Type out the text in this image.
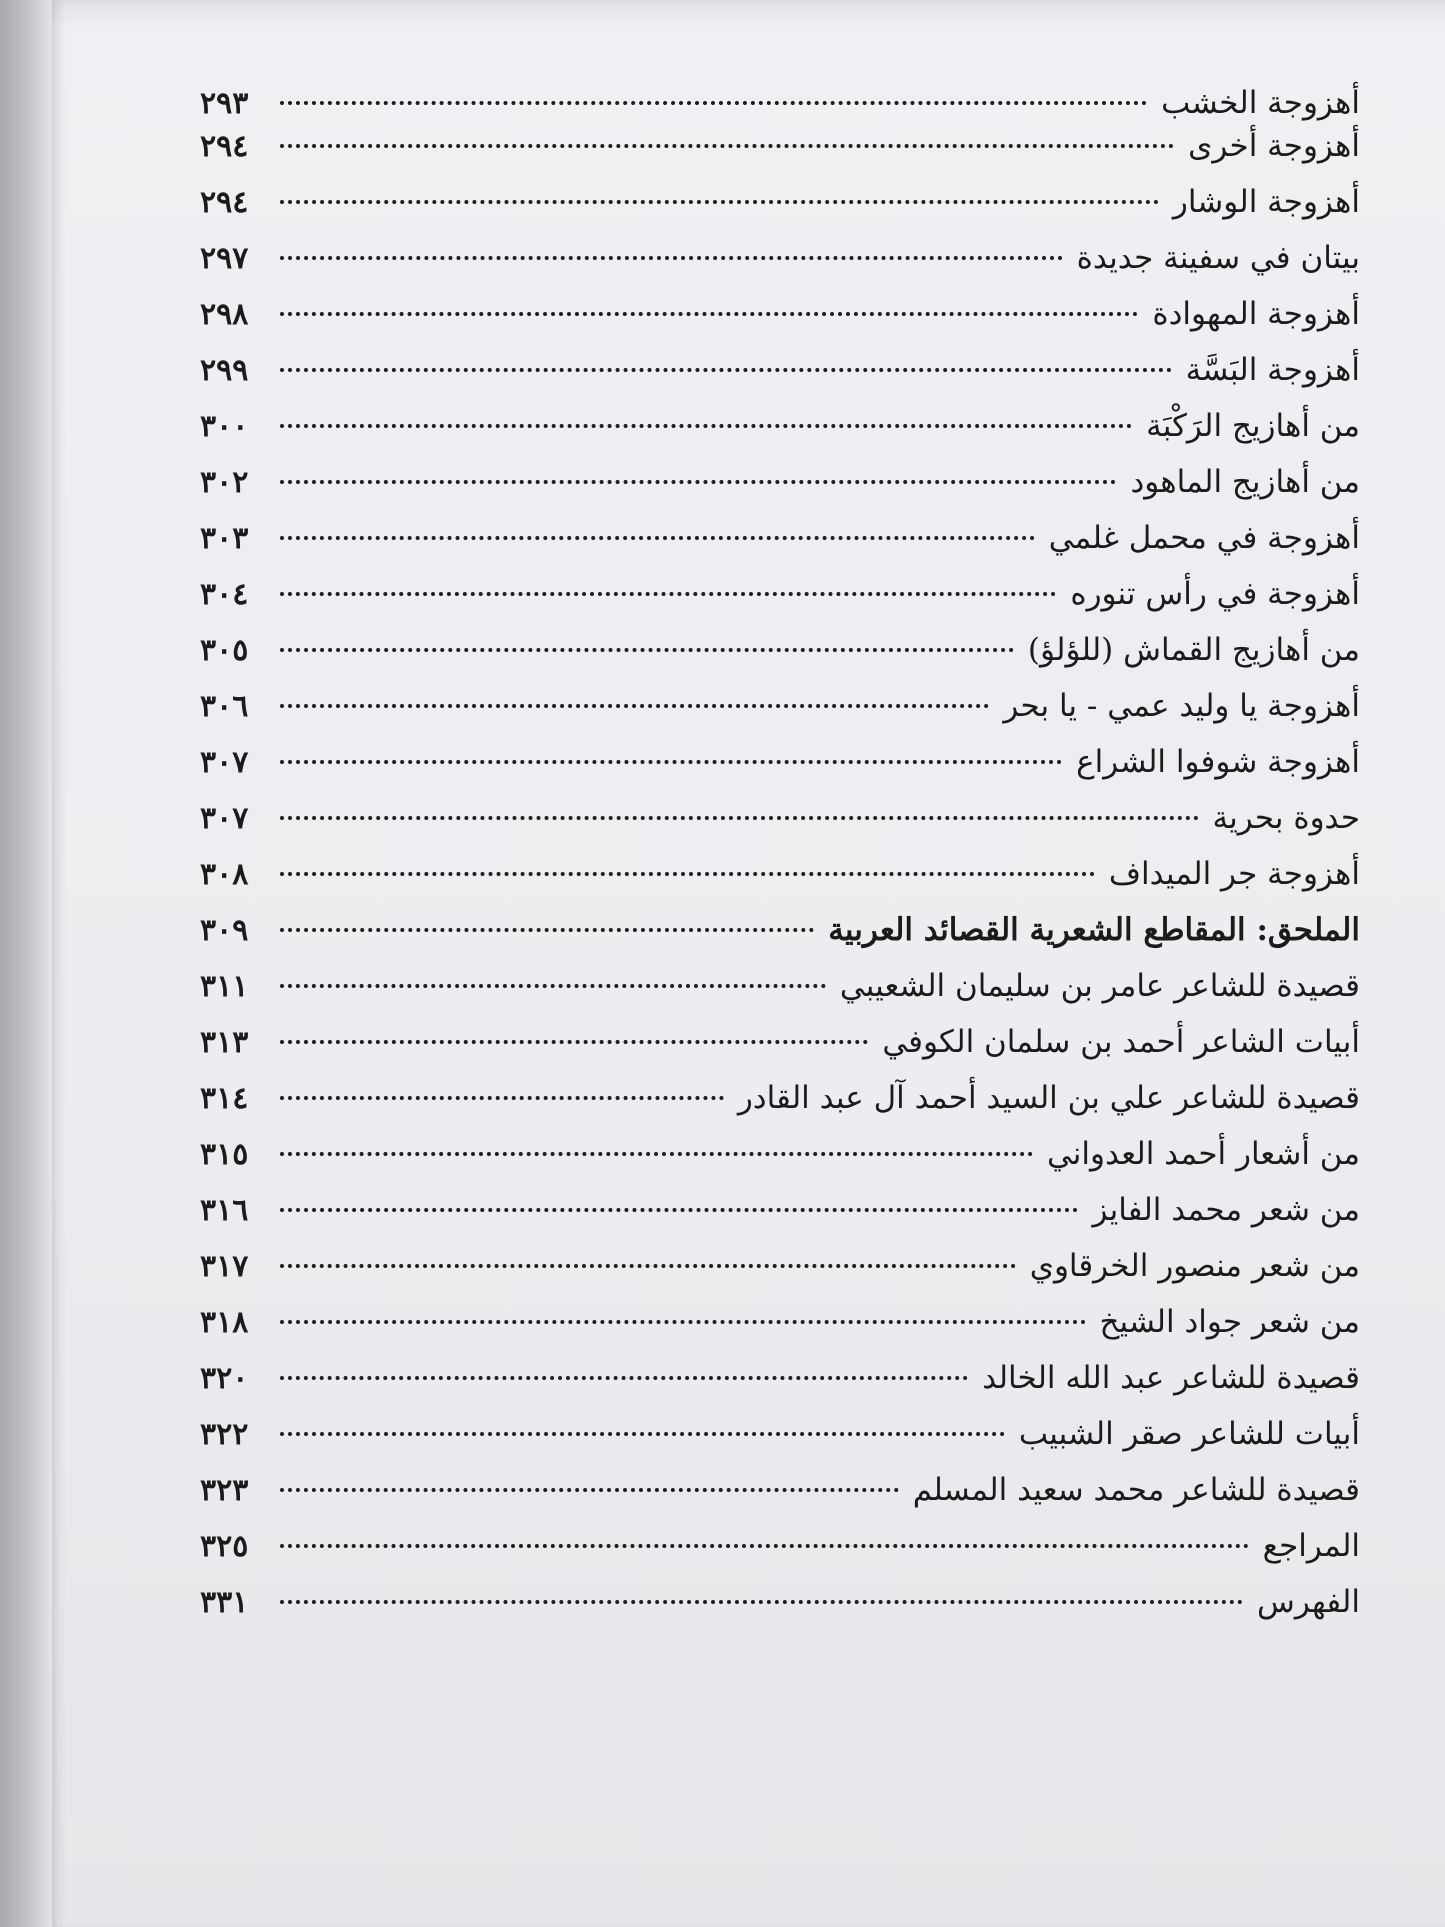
أهزوجة الخشب
٢٩٣
أهزوجة أخرى
٢٩٤
أهزوجة الوشار
٢٩٤
بيتان في سفينة جديدة
٢٩٧
أهزوجة المهوادة
٢٩٨
أهزوجة البَسَّة
٢٩٩
من أهازيج الرَكْبَة
٣٠٠
من أهازيج الماهود
٣٠٢
أهزوجة في محمل غلمي
٣٠٣
أهزوجة في رأس تنوره
٣٠٤
من أهازيج القماش (للؤلؤ)
٣٠٥
أهزوجة يا وليد عمي - يا بحر
٣٠٦
أهزوجة شوفوا الشراع
٣٠٧
حدوة بحرية
٣٠٧
أهزوجة جر الميداف
٣٠٨
الملحق: المقاطع الشعرية القصائد العربية
٣٠٩
قصيدة للشاعر عامر بن سليمان الشعيبي
٣١١
أبيات الشاعر أحمد بن سلمان الكوفي
٣١٣
قصيدة للشاعر علي بن السيد أحمد آل عبد القادر
٣١٤
من أشعار أحمد العدواني
٣١٥
من شعر محمد الفايز
٣١٦
من شعر منصور الخرقاوي
٣١٧
من شعر جواد الشيخ
٣١٨
قصيدة للشاعر عبد الله الخالد
٣٢٠
أبيات للشاعر صقر الشبيب
٣٢٢
قصيدة للشاعر محمد سعيد المسلم
٣٢٣
المراجع
٣٢٥
الفهرس
٣٣١
